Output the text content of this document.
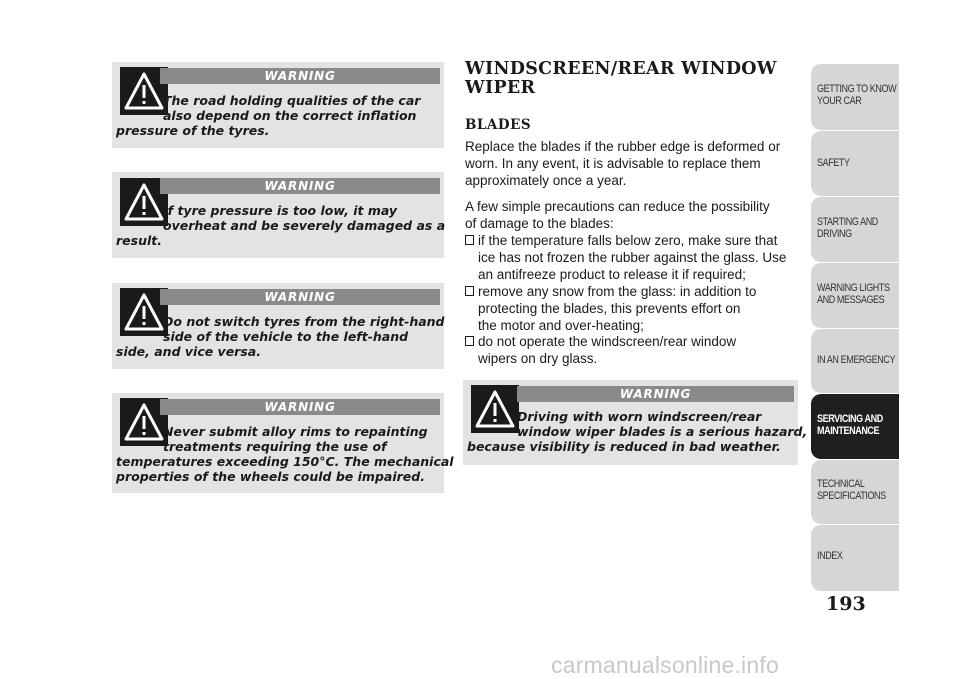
WARNING
The road holding qualities of the car
also depend on the correct inflation
pressure of the tyres.
WARNING
If tyre pressure is too low, it may
overheat and be severely damaged as a
result.
WARNING
Do not switch tyres from the right-hand
side of the vehicle to the left-hand
side, and vice versa.
WARNING
Never submit alloy rims to repainting
treatments requiring the use of
temperatures exceeding 150°C. The mechanical
properties of the wheels could be impaired.
WINDSCREEN/REAR WINDOW
WIPER
BLADES
Replace the blades if the rubber edge is deformed or
worn. In any event, it is advisable to replace them
approximately once a year.
A few simple precautions can reduce the possibility
of damage to the blades:
if the temperature falls below zero, make sure that
ice has not frozen the rubber against the glass. Use
an antifreeze product to release it if required;
remove any snow from the glass: in addition to
protecting the blades, this prevents effort on
the motor and over-heating;
do not operate the windscreen/rear window
wipers on dry glass.
WARNING
Driving with worn windscreen/rear
window wiper blades is a serious hazard,
because visibility is reduced in bad weather.
GETTING TO KNOW
YOUR CAR
SAFETY
STARTING AND
DRIVING
WARNING LIGHTS
AND MESSAGES
IN AN EMERGENCY
SERVICING AND
MAINTENANCE
TECHNICAL
SPECIFICATIONS
INDEX
193
carmanualsonline.info
